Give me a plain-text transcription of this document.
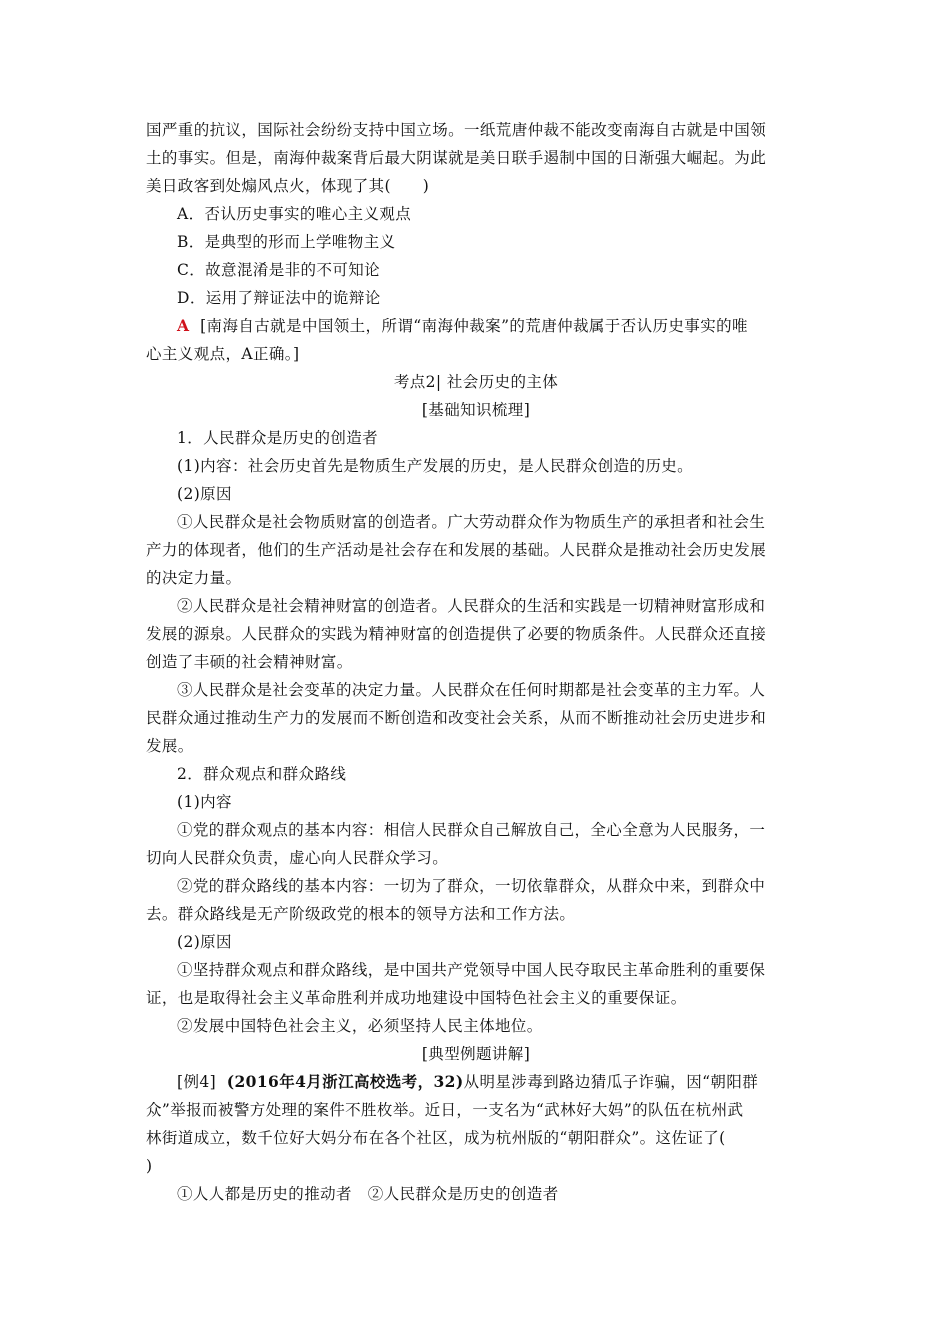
国严重的抗议，国际社会纷纷支持中国立场。一纸荒唐仲裁不能改变南海自古就是中国领

土的事实。但是，南海仲裁案背后最大阴谋就是美日联手遏制中国的日渐强大崛起。为此

美日政客到处煽风点火，体现了其(　　)

A．否认历史事实的唯心主义观点

B．是典型的形而上学唯物主义

C．故意混淆是非的不可知论

D．运用了辩证法中的诡辩论

A [南海自古就是中国领土，所谓“南海仲裁案”的荒唐仲裁属于否认历史事实的唯

心主义观点，A正确。]

考点2| 社会历史的主体

[基础知识梳理]

1．人民群众是历史的创造者

(1)内容：社会历史首先是物质生产发展的历史，是人民群众创造的历史。

(2)原因

①人民群众是社会物质财富的创造者。广大劳动群众作为物质生产的承担者和社会生

产力的体现者，他们的生产活动是社会存在和发展的基础。人民群众是推动社会历史发展

的决定力量。

②人民群众是社会精神财富的创造者。人民群众的生活和实践是一切精神财富形成和

发展的源泉。人民群众的实践为精神财富的创造提供了必要的物质条件。人民群众还直接

创造了丰硕的社会精神财富。

③人民群众是社会变革的决定力量。人民群众在任何时期都是社会变革的主力军。人

民群众通过推动生产力的发展而不断创造和改变社会关系，从而不断推动社会历史进步和

发展。

2．群众观点和群众路线

(1)内容

①党的群众观点的基本内容：相信人民群众自己解放自己，全心全意为人民服务，一

切向人民群众负责，虚心向人民群众学习。

②党的群众路线的基本内容：一切为了群众，一切依靠群众，从群众中来，到群众中

去。群众路线是无产阶级政党的根本的领导方法和工作方法。

(2)原因

①坚持群众观点和群众路线，是中国共产党领导中国人民夺取民主革命胜利的重要保

证，也是取得社会主义革命胜利并成功地建设中国特色社会主义的重要保证。

②发展中国特色社会主义，必须坚持人民主体地位。

[典型例题讲解]

[例4] (2016年4月浙江高校选考，32)从明星涉毒到路边猜瓜子诈骗，因“朝阳群

众”举报而被警方处理的案件不胜枚举。近日，一支名为“武林好大妈”的队伍在杭州武

林街道成立，数千位好大妈分布在各个社区，成为杭州版的“朝阳群众”。这佐证了(

)

①人人都是历史的推动者　②人民群众是历史的创造者
